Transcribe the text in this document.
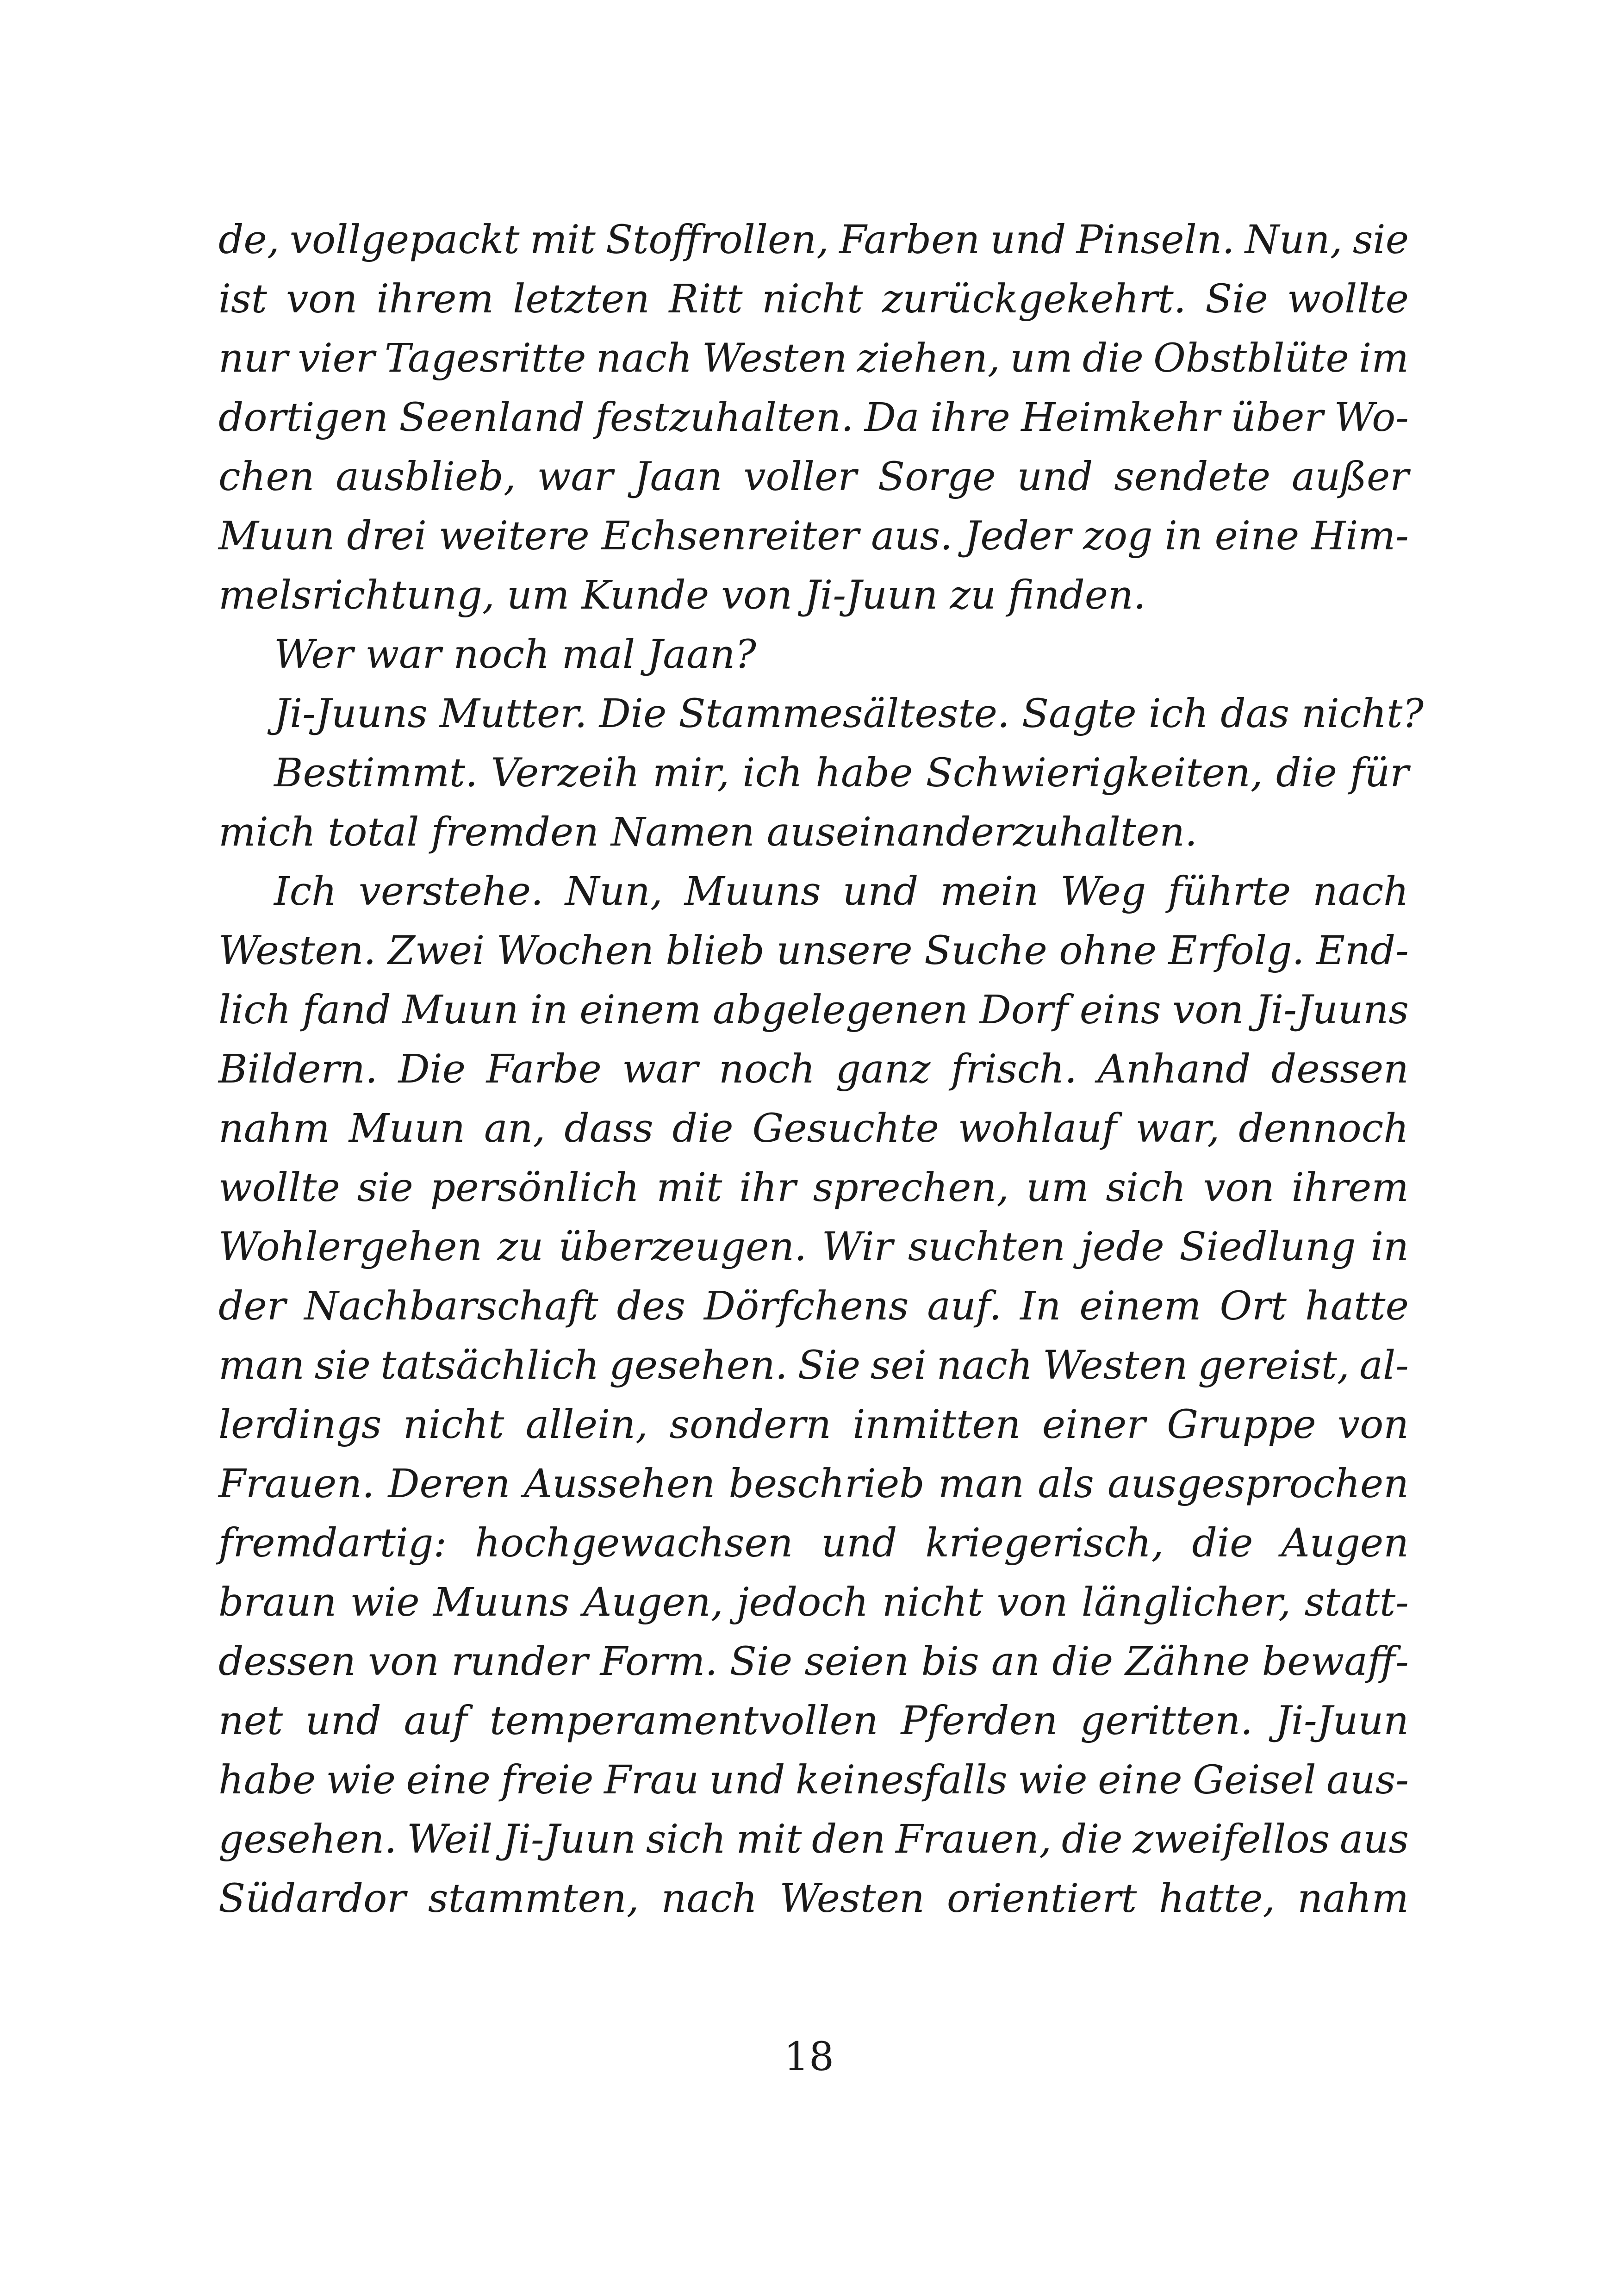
de, vollgepackt mit Stoffrollen, Farben und Pinseln. Nun, sie
ist von ihrem letzten Ritt nicht zurückgekehrt. Sie wollte
nur vier Tagesritte nach Westen ziehen, um die Obstblüte im
dortigen Seenland festzuhalten. Da ihre Heimkehr über Wo-
chen ausblieb, war Jaan voller Sorge und sendete außer
Muun drei weitere Echsenreiter aus. Jeder zog in eine Him-
melsrichtung, um Kunde von Ji-Juun zu finden.
Wer war noch mal Jaan?
Ji-Juuns Mutter. Die Stammesälteste. Sagte ich das nicht?
Bestimmt. Verzeih mir, ich habe Schwierigkeiten, die für
mich total fremden Namen auseinanderzuhalten.
Ich verstehe. Nun, Muuns und mein Weg führte nach
Westen. Zwei Wochen blieb unsere Suche ohne Erfolg. End-
lich fand Muun in einem abgelegenen Dorf eins von Ji-Juuns
Bildern. Die Farbe war noch ganz frisch. Anhand dessen
nahm Muun an, dass die Gesuchte wohlauf war, dennoch
wollte sie persönlich mit ihr sprechen, um sich von ihrem
Wohlergehen zu überzeugen. Wir suchten jede Siedlung in
der Nachbarschaft des Dörfchens auf. In einem Ort hatte
man sie tatsächlich gesehen. Sie sei nach Westen gereist, al-
lerdings nicht allein, sondern inmitten einer Gruppe von
Frauen. Deren Aussehen beschrieb man als ausgesprochen
fremdartig: hochgewachsen und kriegerisch, die Augen
braun wie Muuns Augen, jedoch nicht von länglicher, statt-
dessen von runder Form. Sie seien bis an die Zähne bewaff-
net und auf temperamentvollen Pferden geritten. Ji-Juun
habe wie eine freie Frau und keinesfalls wie eine Geisel aus-
gesehen. Weil Ji-Juun sich mit den Frauen, die zweifellos aus
Südardor stammten, nach Westen orientiert hatte, nahm
18
